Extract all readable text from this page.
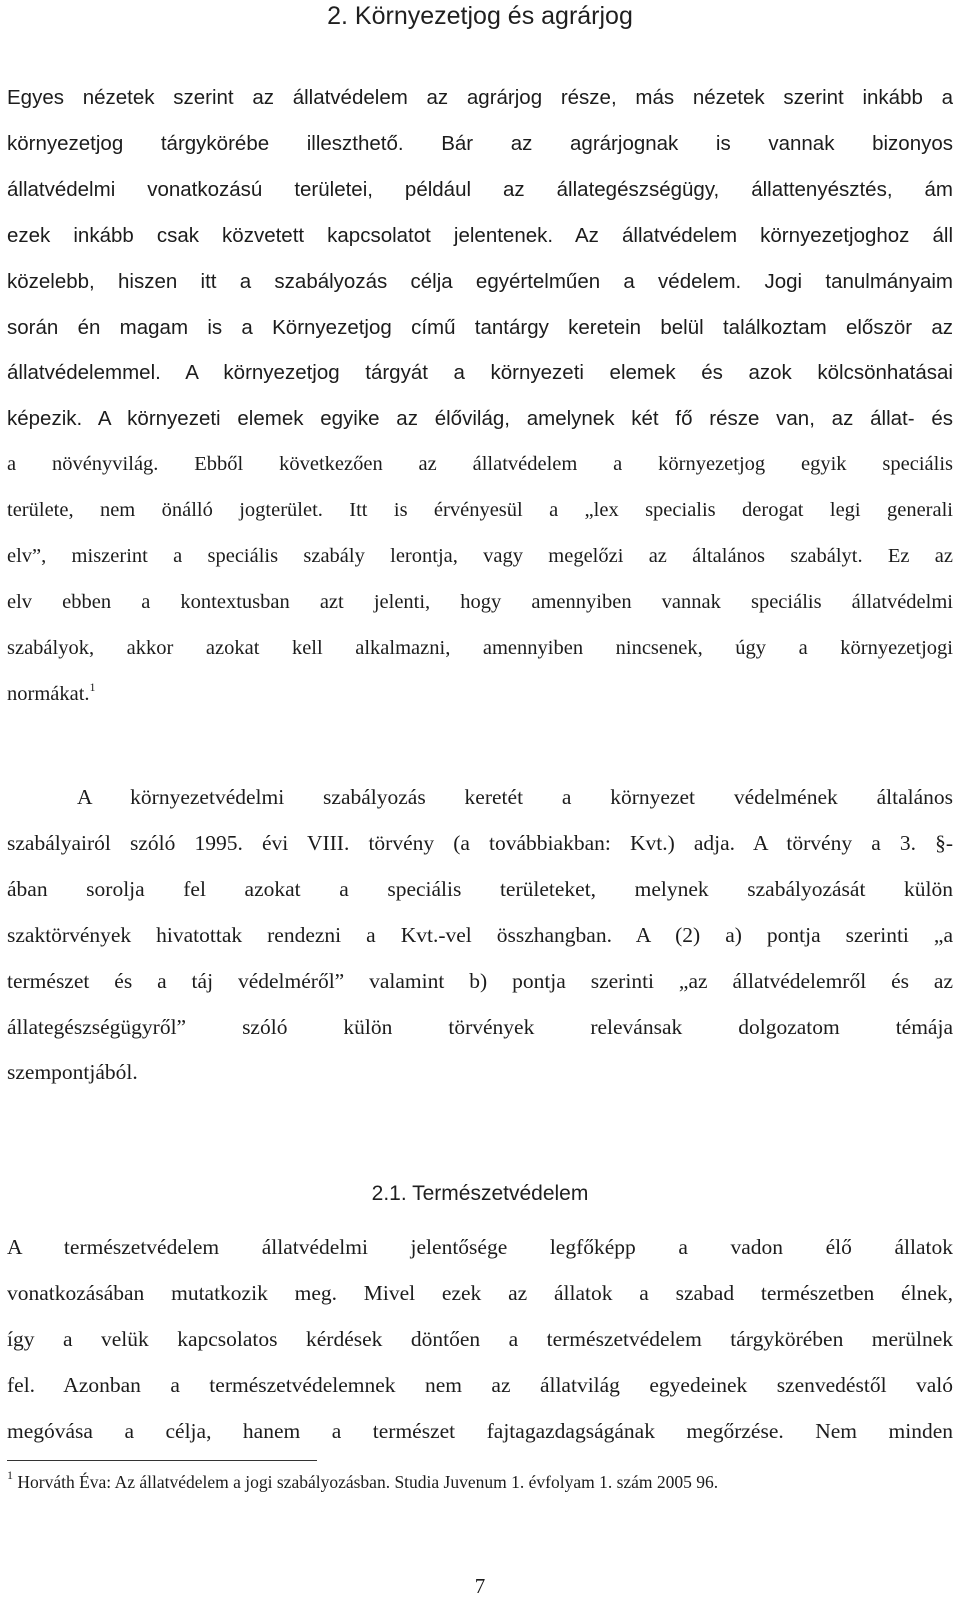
2. Környezetjog és agrárjog
Egyes nézetek szerint az állatvédelem az agrárjog része, más nézetek szerint inkább a
környezetjog tárgykörébe illeszthető. Bár az agrárjognak is vannak bizonyos
állatvédelmi vonatkozású területei, például az állategészségügy, állattenyésztés, ám
ezek inkább csak közvetett kapcsolatot jelentenek. Az állatvédelem környezetjoghoz áll
közelebb, hiszen itt a szabályozás célja egyértelműen a védelem. Jogi tanulmányaim
során én magam is a Környezetjog című tantárgy keretein belül találkoztam először az
állatvédelemmel. A környezetjog tárgyát a környezeti elemek és azok kölcsönhatásai
képezik. A környezeti elemek egyike az élővilág, amelynek két fő része van, az állat- és
a növényvilág. Ebből következően az állatvédelem a környezetjog egyik speciális
területe, nem önálló jogterület. Itt is érvényesül a „lex specialis derogat legi generali
elv”, miszerint a speciális szabály lerontja, vagy megelőzi az általános szabályt. Ez az
elv ebben a kontextusban azt jelenti, hogy amennyiben vannak speciális állatvédelmi
szabályok, akkor azokat kell alkalmazni, amennyiben nincsenek, úgy a környezetjogi
normákat.$^1$
A környezetvédelmi szabályozás keretét a környezet védelmének általános
szabályairól szóló 1995. évi VIII. törvény (a továbbiakban: Kvt.) adja. A törvény a 3. §-
ában sorolja fel azokat a speciális területeket, melynek szabályozását külön
szaktörvények hivatottak rendezni a Kvt.-vel összhangban. A (2) a) pontja szerinti „a
természet és a táj védelméről” valamint b) pontja szerinti „az állatvédelemről és az
állategészségügyről” szóló külön törvények relevánsak dolgozatom témája
szempontjából.
2.1. Természetvédelem
A természetvédelem állatvédelmi jelentősége legfőképp a vadon élő állatok
vonatkozásában mutatkozik meg. Mivel ezek az állatok a szabad természetben élnek,
így a velük kapcsolatos kérdések döntően a természetvédelem tárgykörében merülnek
fel. Azonban a természetvédelemnek nem az állatvilág egyedeinek szenvedéstől való
megóvása a célja, hanem a természet fajtagazdagságának megőrzése. Nem minden
$^1$ Horváth Éva: Az állatvédelem a jogi szabályozásban. Studia Juvenum 1. évfolyam 1. szám 2005 96.
7
